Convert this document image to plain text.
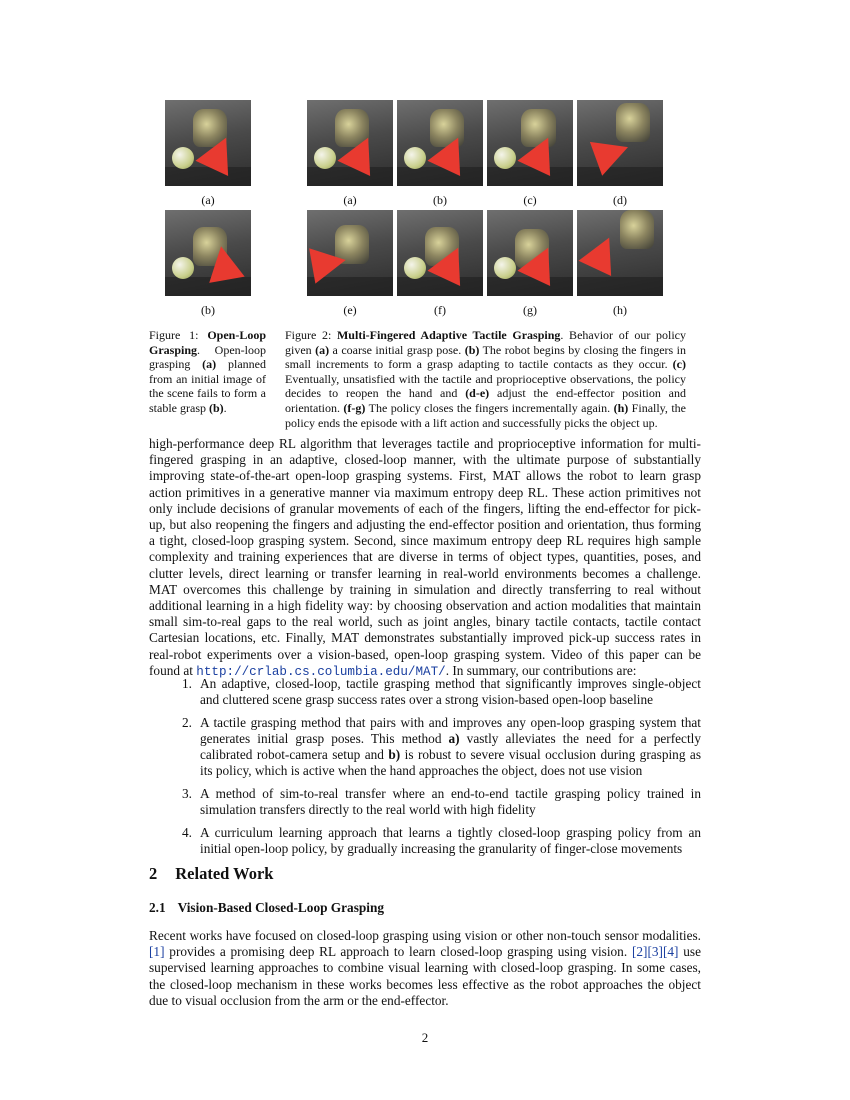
(a)
(b)
(a)	(b)	(c)	(d)
(e)	(f)	(g)	(h)
Figure 1: Open-Loop Grasping. Open-loop grasping (a) planned from an initial image of the scene fails to form a stable grasp (b).
Figure 2: Multi-Fingered Adaptive Tactile Grasping. Behavior of our policy given (a) a coarse initial grasp pose. (b) The robot begins by closing the fingers in small increments to form a grasp adapting to tactile contacts as they occur. (c) Eventually, unsatisfied with the tactile and proprioceptive observations, the policy decides to reopen the hand and (d-e) adjust the end-effector position and orientation. (f-g) The policy closes the fingers incrementally again. (h) Finally, the policy ends the episode with a lift action and successfully picks the object up.
high-performance deep RL algorithm that leverages tactile and proprioceptive information for multi-fingered grasping in an adaptive, closed-loop manner, with the ultimate purpose of substantially improving state-of-the-art open-loop grasping systems. First, MAT allows the robot to learn grasp action primitives in a generative manner via maximum entropy deep RL. These action primitives not only include decisions of granular movements of each of the fingers, lifting the end-effector for pick-up, but also reopening the fingers and adjusting the end-effector position and orientation, thus forming a tight, closed-loop grasping system. Second, since maximum entropy deep RL requires high sample complexity and training experiences that are diverse in terms of object types, quantities, poses, and clutter levels, direct learning or transfer learning in real-world environments becomes a challenge. MAT overcomes this challenge by training in simulation and directly transferring to real without additional learning in a high fidelity way: by choosing observation and action modalities that maintain small sim-to-real gaps to the real world, such as joint angles, binary tactile contacts, tactile contact Cartesian locations, etc. Finally, MAT demonstrates substantially improved pick-up success rates in real-robot experiments over a vision-based, open-loop grasping system. Video of this paper can be found at http://crlab.cs.columbia.edu/MAT/. In summary, our contributions are:
1. An adaptive, closed-loop, tactile grasping method that significantly improves single-object and cluttered scene grasp success rates over a strong vision-based open-loop baseline
2. A tactile grasping method that pairs with and improves any open-loop grasping system that generates initial grasp poses. This method a) vastly alleviates the need for a perfectly calibrated robot-camera setup and b) is robust to severe visual occlusion during grasping as its policy, which is active when the hand approaches the object, does not use vision
3. A method of sim-to-real transfer where an end-to-end tactile grasping policy trained in simulation transfers directly to the real world with high fidelity
4. A curriculum learning approach that learns a tightly closed-loop grasping policy from an initial open-loop policy, by gradually increasing the granularity of finger-close movements
2 Related Work
2.1 Vision-Based Closed-Loop Grasping
Recent works have focused on closed-loop grasping using vision or other non-touch sensor modalities. [1] provides a promising deep RL approach to learn closed-loop grasping using vision. [2][3][4] use supervised learning approaches to combine visual learning with closed-loop grasping. In some cases, the closed-loop mechanism in these works becomes less effective as the robot approaches the object due to visual occlusion from the arm or the end-effector.
2
